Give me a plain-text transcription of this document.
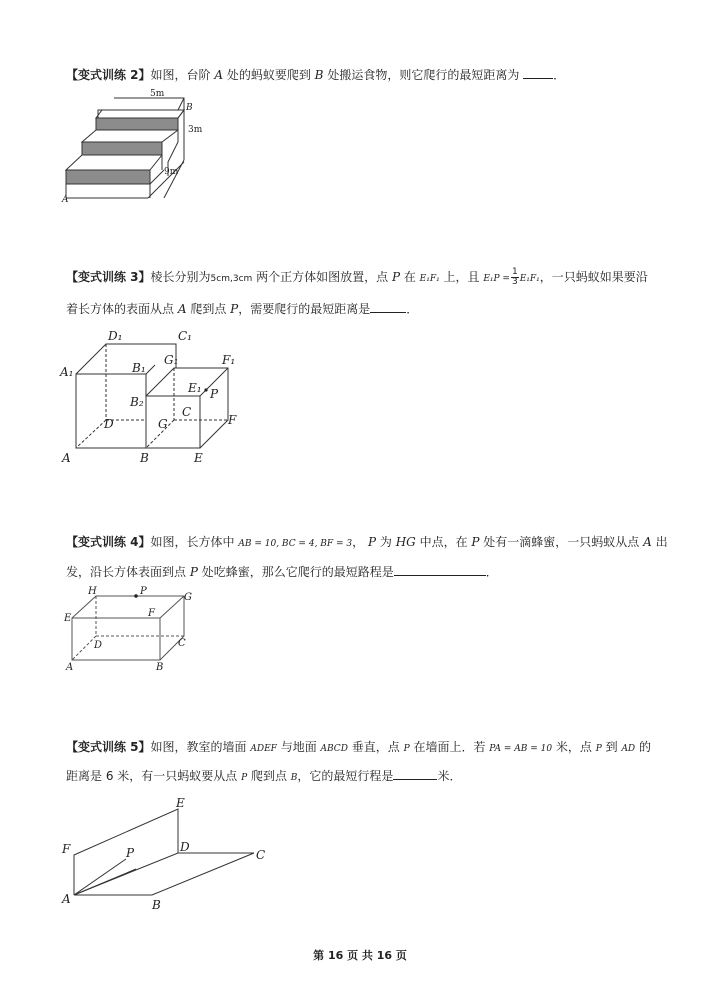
【变式训练 2】如图，台阶 A 处的蚂蚁要爬到 B 处搬运食物，则它爬行的最短距离为	．
5m
3m
9m
B
A
【变式训练 3】棱长分别为5cm,3cm 两个正方体如图放置，点 P 在 E₁F₁ 上，且 $E_1P = \frac{1}{3} E_1F_1$，一只蚂蚁如果要沿
着长方体的表面从点 A 爬到点 P，需要爬行的最短距离是	．
D₁	C₁
G₁	F₁
A₁	B₁
E₁ P
B₂
C
D	G	F
A	B	E
【变式训练 4】如图，长方体中 AB = 10, BC = 4, BF = 3， P 为 HG 中点，在 P 处有一滴蜂蜜，一只蚂蚁从点 A 出
发，沿长方体表面到点 P 处吃蜂蜜，那么它爬行的最短路程是	．
H	P
G
E	F
D	C
A	B
【变式训练 5】如图，教室的墙面 ADEF 与地面 ABCD 垂直，点 P 在墙面上．若 PA = AB = 10 米，点 P 到 AD 的
距离是 6 米，有一只蚂蚁要从点 P 爬到点 B，它的最短行程是	米．
E
F	P	D
C
A	B
第 16 页 共 16 页
